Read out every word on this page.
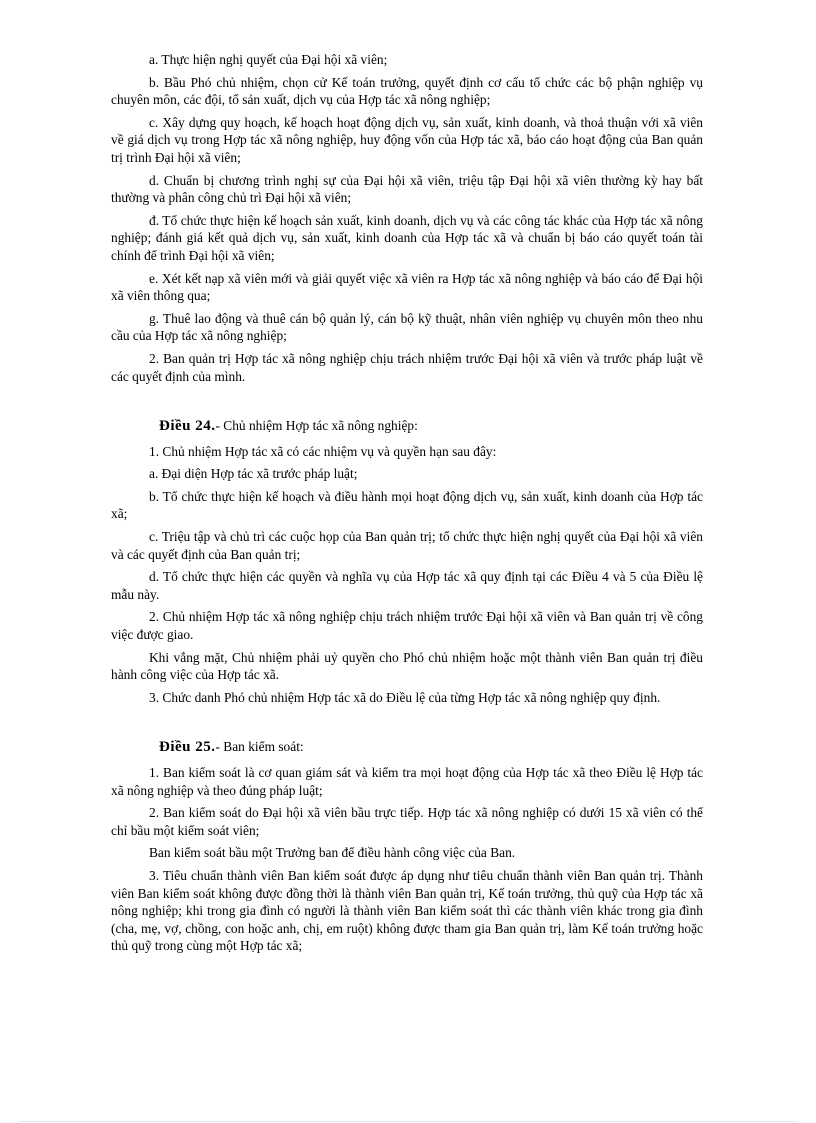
a. Thực hiện nghị quyết của Đại hội xã viên;

b. Bầu Phó chủ nhiệm, chọn cử Kế toán trưởng, quyết định cơ cấu tổ chức các bộ phận nghiệp vụ chuyên môn, các đội, tổ sản xuất, dịch vụ của Hợp tác xã nông nghiệp;

c. Xây dựng quy hoạch, kế hoạch hoạt động dịch vụ, sản xuất, kinh doanh, và thoả thuận với xã viên về giá dịch vụ trong Hợp tác xã nông nghiệp, huy động vốn của Hợp tác xã, báo cáo hoạt động của Ban quản trị trình Đại hội xã viên;

d. Chuẩn bị chương trình nghị sự của Đại hội xã viên, triệu tập Đại hội xã viên thường kỳ hay bất thường và phân công chủ trì Đại hội xã viên;

đ. Tổ chức thực hiện kế hoạch sản xuất, kinh doanh, dịch vụ và các công tác khác của Hợp tác xã nông nghiệp; đánh giá kết quả dịch vụ, sản xuất, kinh doanh của Hợp tác xã và chuẩn bị báo cáo quyết toán tài chính để trình Đại hội xã viên;

e. Xét kết nạp xã viên mới và giải quyết việc xã viên ra Hợp tác xã nông nghiệp và báo cáo để Đại hội xã viên thông qua;

g. Thuê lao động và thuê cán bộ quản lý, cán bộ kỹ thuật, nhân viên nghiệp vụ chuyên môn theo nhu cầu của Hợp tác xã nông nghiệp;

2. Ban quản trị Hợp tác xã nông nghiệp chịu trách nhiệm trước Đại hội xã viên và trước pháp luật về các quyết định của mình.

Điều 24.- Chủ nhiệm Hợp tác xã nông nghiệp:

1. Chủ nhiệm Hợp tác xã có các nhiệm vụ và quyền hạn sau đây:

a. Đại diện Hợp tác xã trước pháp luật;

b. Tổ chức thực hiện kế hoạch và điều hành mọi hoạt động dịch vụ, sản xuất, kinh doanh của Hợp tác xã;

c. Triệu tập và chủ trì các cuộc họp của Ban quản trị; tổ chức thực hiện nghị quyết của Đại hội xã viên và các quyết định của Ban quản trị;

d. Tổ chức thực hiện các quyền và nghĩa vụ của Hợp tác xã quy định tại các Điều 4 và 5 của Điều lệ mẫu này.

2. Chủ nhiệm Hợp tác xã nông nghiệp chịu trách nhiệm trước Đại hội xã viên và Ban quản trị về công việc được giao.

Khi vắng mặt, Chủ nhiệm phải uỷ quyền cho Phó chủ nhiệm hoặc một thành viên Ban quản trị điều hành công việc của Hợp tác xã.

3. Chức danh Phó chủ nhiệm Hợp tác xã do Điều lệ của từng Hợp tác xã nông nghiệp quy định.

Điều 25.- Ban kiểm soát:

1. Ban kiểm soát là cơ quan giám sát và kiểm tra mọi hoạt động của Hợp tác xã theo Điều lệ Hợp tác xã nông nghiệp và theo đúng pháp luật;

2. Ban kiểm soát do Đại hội xã viên bầu trực tiếp. Hợp tác xã nông nghiệp có dưới 15 xã viên có thể chỉ bầu một kiểm soát viên;

Ban kiểm soát bầu một Trưởng ban để điều hành công việc của Ban.

3. Tiêu chuẩn thành viên Ban kiểm soát được áp dụng như tiêu chuẩn thành viên Ban quản trị. Thành viên Ban kiểm soát không được đồng thời là thành viên Ban quản trị, Kế toán trưởng, thủ quỹ của Hợp tác xã nông nghiệp; khi trong gia đình có người là thành viên Ban kiểm soát thì các thành viên khác trong gia đình (cha, mẹ, vợ, chồng, con hoặc anh, chị, em ruột) không được tham gia Ban quản trị, làm Kế toán trưởng hoặc thủ quỹ trong cùng một Hợp tác xã;
